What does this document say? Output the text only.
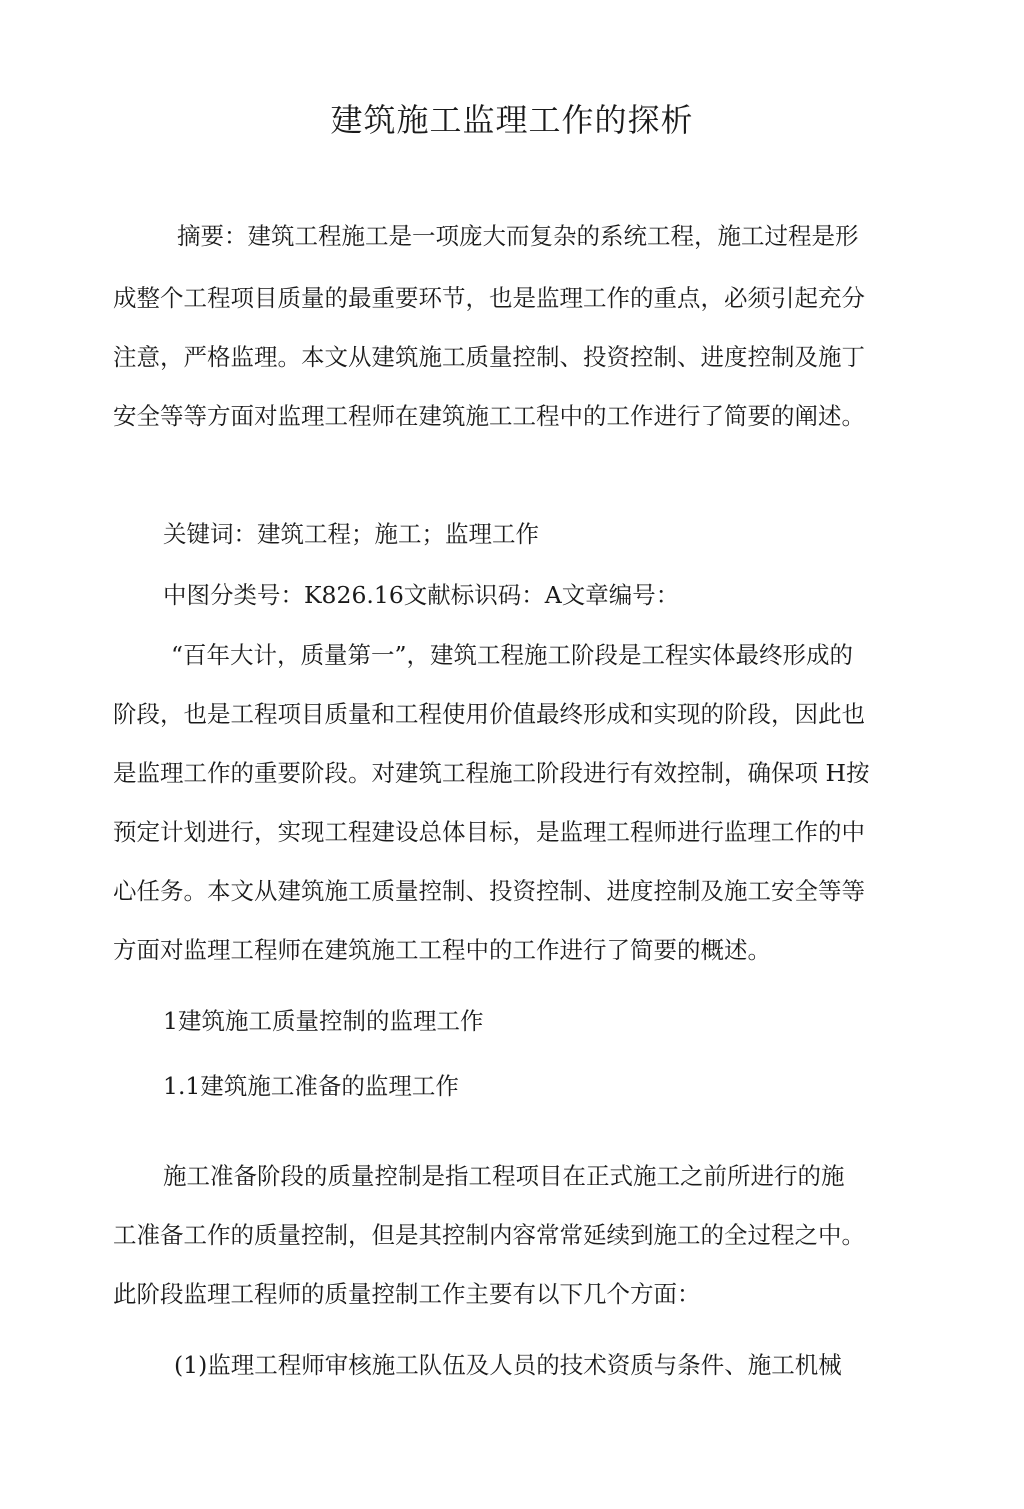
建筑施工监理工作的探析
摘要：建筑工程施工是一项庞大而复杂的系统工程，施工过程是形
成整个工程项目质量的最重要环节，也是监理工作的重点，必须引起充分
注意，严格监理。本文从建筑施工质量控制、投资控制、进度控制及施丁
安全等等方面对监理工程师在建筑施工工程中的工作进行了简要的阐述。
关键词：建筑工程；施工；监理工作
中图分类号：K826.16文献标识码：A文章编号：
“百年大计，质量第一”，建筑工程施工阶段是工程实体最终形成的
阶段，也是工程项目质量和工程使用价值最终形成和实现的阶段，因此也
是监理工作的重要阶段。对建筑工程施工阶段进行有效控制，确保项 H按
预定计划进行，实现工程建设总体目标，是监理工程师进行监理工作的中
心任务。本文从建筑施工质量控制、投资控制、进度控制及施工安全等等
方面对监理工程师在建筑施工工程中的工作进行了简要的概述。
1建筑施工质量控制的监理工作
1.1建筑施工准备的监理工作
施工准备阶段的质量控制是指工程项目在正式施工之前所进行的施
工准备工作的质量控制，但是其控制内容常常延续到施工的全过程之中。
此阶段监理工程师的质量控制工作主要有以下几个方面：
(1)监理工程师审核施工队伍及人员的技术资质与条件、施工机械
